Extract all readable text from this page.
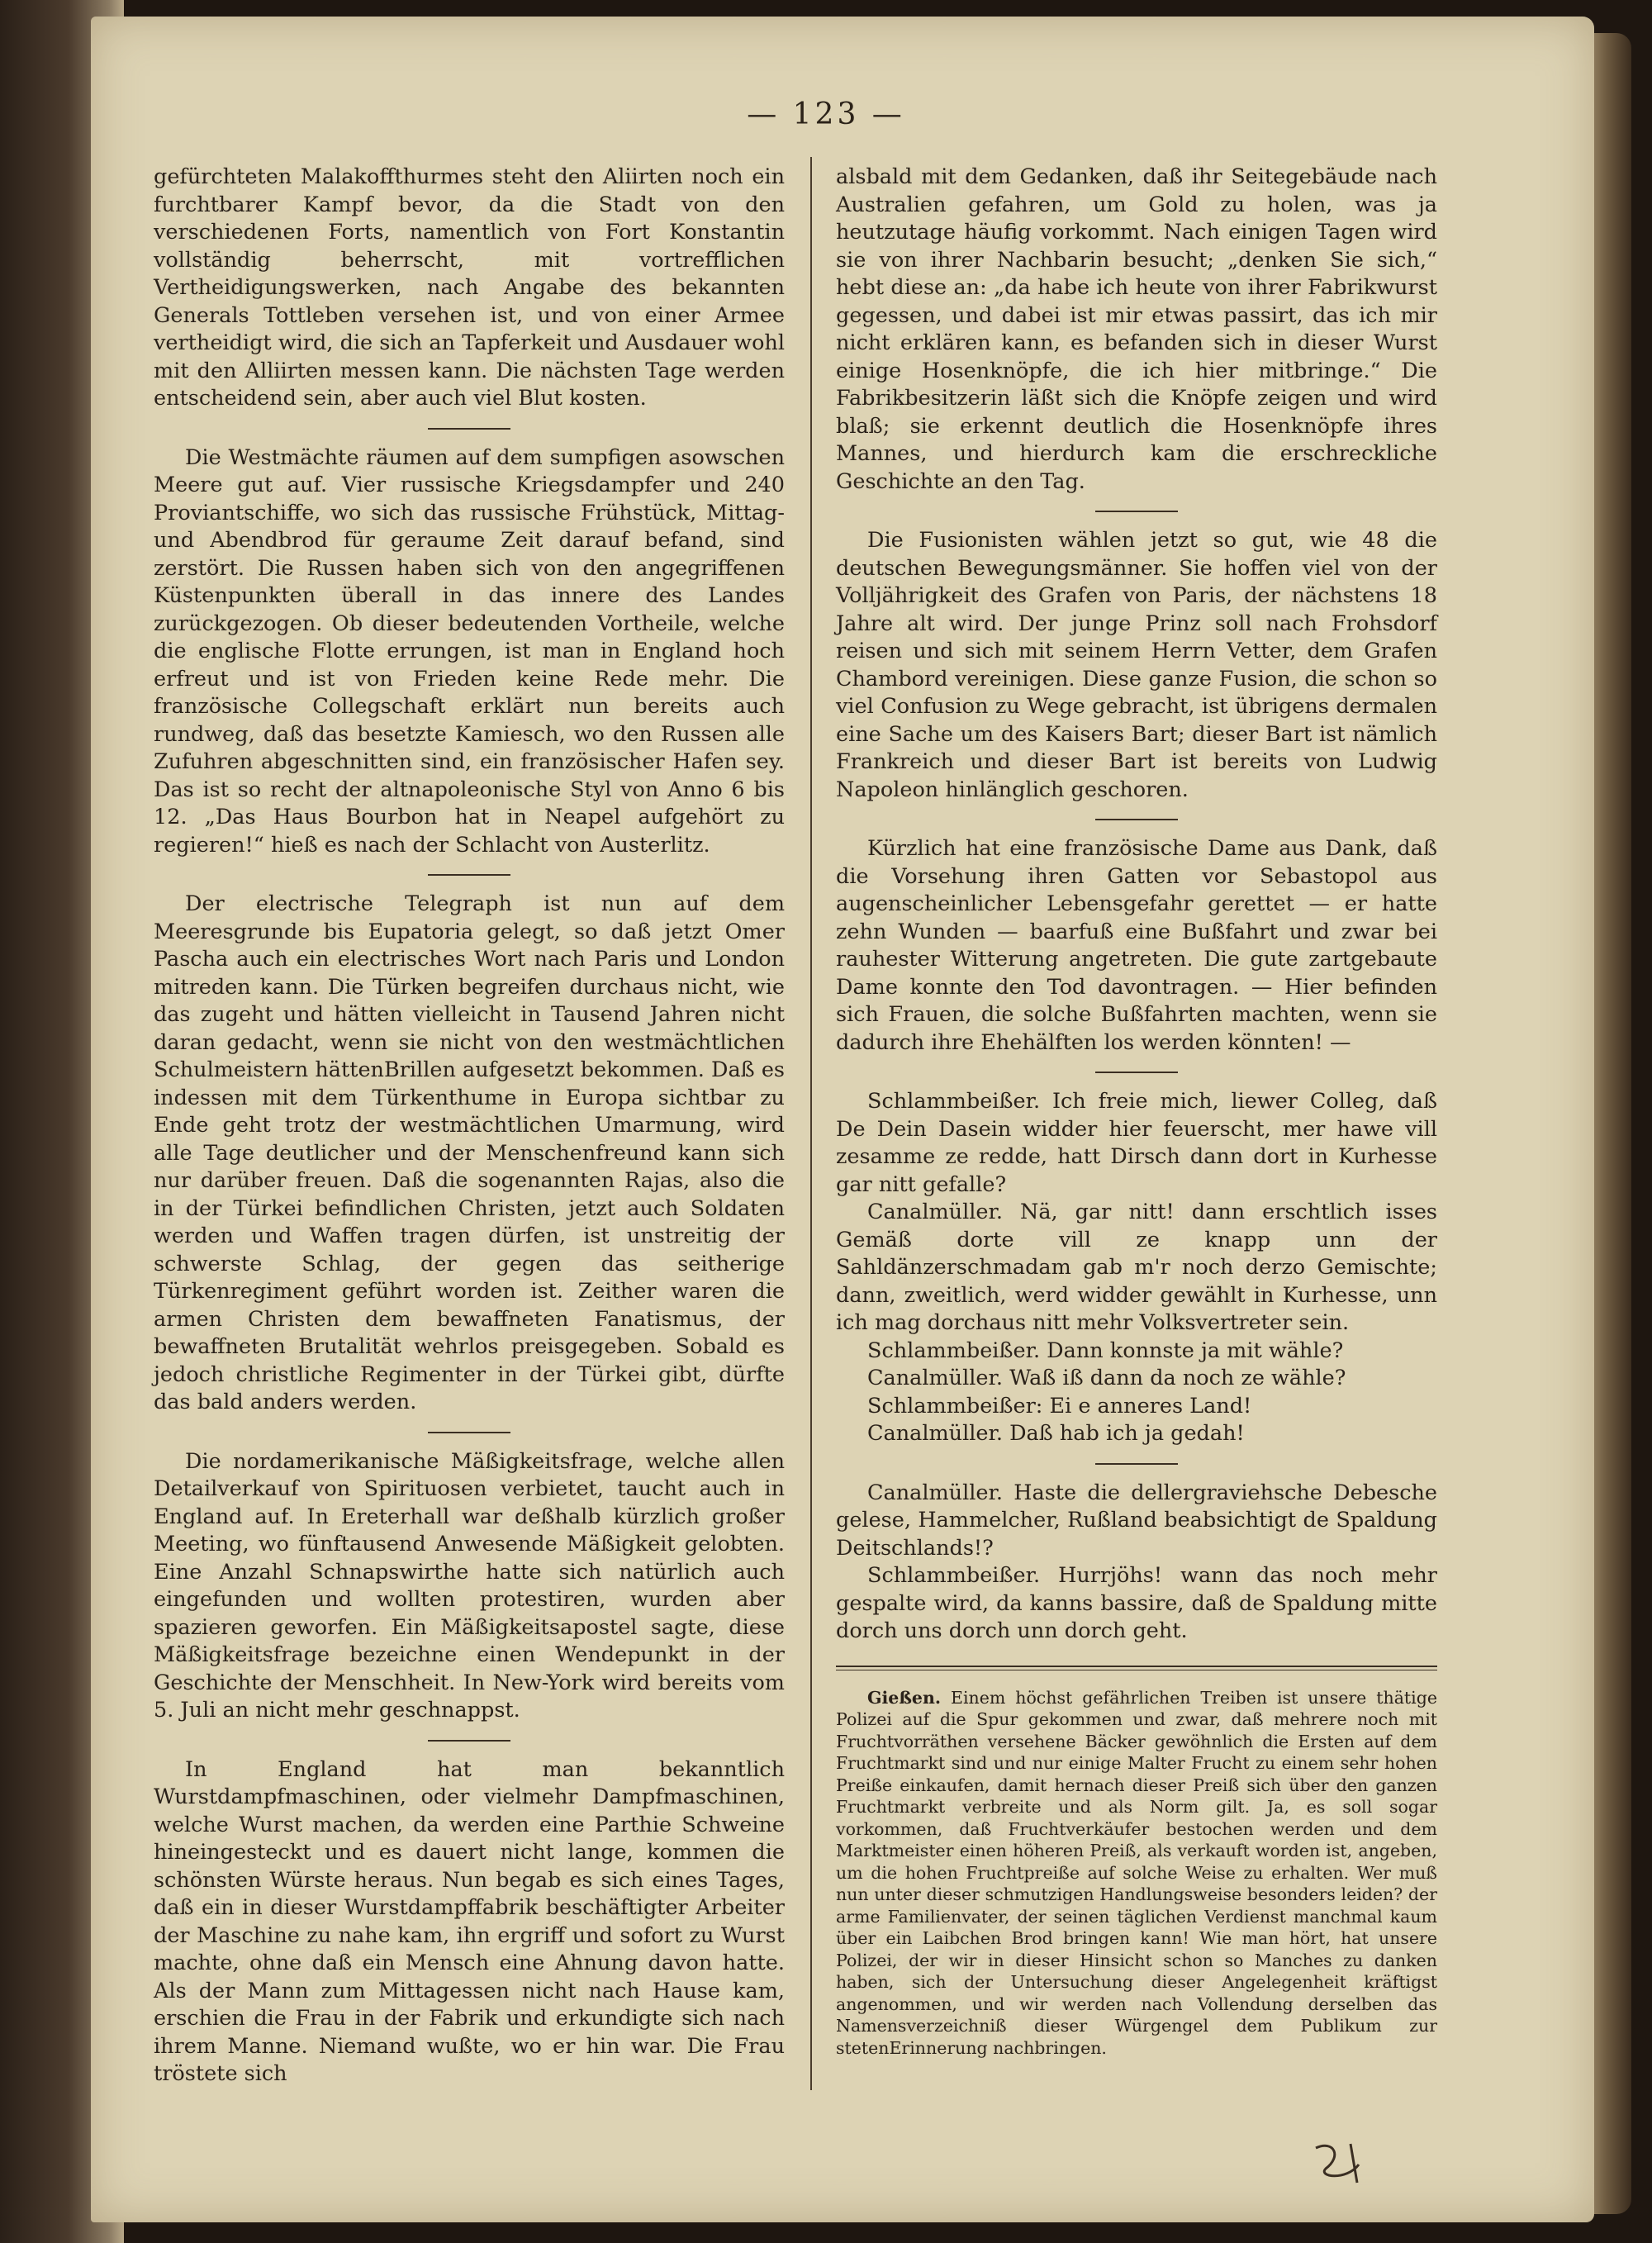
— 123 —

gefürchteten Malakoffthurmes steht den Aliirten noch ein furchtbarer Kampf bevor, da die Stadt von den verschiedenen Forts, namentlich von Fort Konstantin vollständig beherrscht, mit vortrefflichen Vertheidigungswerken, nach Angabe des bekannten Generals Tottleben versehen ist, und von einer Armee vertheidigt wird, die sich an Tapferkeit und Ausdauer wohl mit den Alliirten messen kann. Die nächsten Tage werden entscheidend sein, aber auch viel Blut kosten.

Die Westmächte räumen auf dem sumpfigen asowschen Meere gut auf. Vier russische Kriegsdampfer und 240 Proviantschiffe, wo sich das russische Frühstück, Mittag- und Abendbrod für geraume Zeit darauf befand, sind zerstört. Die Russen haben sich von den angegriffenen Küstenpunkten überall in das innere des Landes zurückgezogen. Ob dieser bedeutenden Vortheile, welche die englische Flotte errungen, ist man in England hoch erfreut und ist von Frieden keine Rede mehr. Die französische Collegschaft erklärt nun bereits auch rundweg, daß das besetzte Kamiesch, wo den Russen alle Zufuhren abgeschnitten sind, ein französischer Hafen sey. Das ist so recht der altnapoleonische Styl von Anno 6 bis 12. „Das Haus Bourbon hat in Neapel aufgehört zu regieren!“ hieß es nach der Schlacht von Austerlitz.

Der electrische Telegraph ist nun auf dem Meeresgrunde bis Eupatoria gelegt, so daß jetzt Omer Pascha auch ein electrisches Wort nach Paris und London mitreden kann. Die Türken begreifen durchaus nicht, wie das zugeht und hätten vielleicht in Tausend Jahren nicht daran gedacht, wenn sie nicht von den westmächtlichen Schulmeistern hättenBrillen aufgesetzt bekommen. Daß es indessen mit dem Türkenthume in Europa sichtbar zu Ende geht trotz der westmächtlichen Umarmung, wird alle Tage deutlicher und der Menschenfreund kann sich nur darüber freuen. Daß die sogenannten Rajas, also die in der Türkei befindlichen Christen, jetzt auch Soldaten werden und Waffen tragen dürfen, ist unstreitig der schwerste Schlag, der gegen das seitherige Türkenregiment geführt worden ist. Zeither waren die armen Christen dem bewaffneten Fanatismus, der bewaffneten Brutalität wehrlos preisgegeben. Sobald es jedoch christliche Regimenter in der Türkei gibt, dürfte das bald anders werden.

Die nordamerikanische Mäßigkeitsfrage, welche allen Detailverkauf von Spirituosen verbietet, taucht auch in England auf. In Ereterhall war deßhalb kürzlich großer Meeting, wo fünftausend Anwesende Mäßigkeit gelobten. Eine Anzahl Schnapswirthe hatte sich natürlich auch eingefunden und wollten protestiren, wurden aber spazieren geworfen. Ein Mäßigkeitsapostel sagte, diese Mäßigkeitsfrage bezeichne einen Wendepunkt in der Geschichte der Menschheit. In New-York wird bereits vom 5. Juli an nicht mehr geschnappst.

In England hat man bekanntlich Wurstdampfmaschinen, oder vielmehr Dampfmaschinen, welche Wurst machen, da werden eine Parthie Schweine hineingesteckt und es dauert nicht lange, kommen die schönsten Würste heraus. Nun begab es sich eines Tages, daß ein in dieser Wurstdampffabrik beschäftigter Arbeiter der Maschine zu nahe kam, ihn ergriff und sofort zu Wurst machte, ohne daß ein Mensch eine Ahnung davon hatte. Als der Mann zum Mittagessen nicht nach Hause kam, erschien die Frau in der Fabrik und erkundigte sich nach ihrem Manne. Niemand wußte, wo er hin war. Die Frau tröstete sich

alsbald mit dem Gedanken, daß ihr Seitegebäude nach Australien gefahren, um Gold zu holen, was ja heutzutage häufig vorkommt. Nach einigen Tagen wird sie von ihrer Nachbarin besucht; „denken Sie sich,“ hebt diese an: „da habe ich heute von ihrer Fabrikwurst gegessen, und dabei ist mir etwas passirt, das ich mir nicht erklären kann, es befanden sich in dieser Wurst einige Hosenknöpfe, die ich hier mitbringe.“ Die Fabrikbesitzerin läßt sich die Knöpfe zeigen und wird blaß; sie erkennt deutlich die Hosenknöpfe ihres Mannes, und hierdurch kam die erschreckliche Geschichte an den Tag.

Die Fusionisten wählen jetzt so gut, wie 48 die deutschen Bewegungsmänner. Sie hoffen viel von der Volljährigkeit des Grafen von Paris, der nächstens 18 Jahre alt wird. Der junge Prinz soll nach Frohsdorf reisen und sich mit seinem Herrn Vetter, dem Grafen Chambord vereinigen. Diese ganze Fusion, die schon so viel Confusion zu Wege gebracht, ist übrigens dermalen eine Sache um des Kaisers Bart; dieser Bart ist nämlich Frankreich und dieser Bart ist bereits von Ludwig Napoleon hinlänglich geschoren.

Kürzlich hat eine französische Dame aus Dank, daß die Vorsehung ihren Gatten vor Sebastopol aus augenscheinlicher Lebensgefahr gerettet — er hatte zehn Wunden — baarfuß eine Bußfahrt und zwar bei rauhester Witterung angetreten. Die gute zartgebaute Dame konnte den Tod davontragen. — Hier befinden sich Frauen, die solche Bußfahrten machten, wenn sie dadurch ihre Ehehälften los werden könnten! —

Schlammbeißer. Ich freie mich, liewer Colleg, daß De Dein Dasein widder hier feuerscht, mer hawe vill zesamme ze redde, hatt Dirsch dann dort in Kurhesse gar nitt gefalle?

Canalmüller. Nä, gar nitt! dann erschtlich isses Gemäß dorte vill ze knapp unn der Sahldänzerschmadam gab m'r noch derzo Gemischte; dann, zweitlich, werd widder gewählt in Kurhesse, unn ich mag dorchaus nitt mehr Volksvertreter sein.

Schlammbeißer. Dann konnste ja mit wähle?

Canalmüller. Waß iß dann da noch ze wähle?

Schlammbeißer: Ei e anneres Land!

Canalmüller. Daß hab ich ja gedah!

Canalmüller. Haste die dellergraviehsche Debesche gelese, Hammelcher, Rußland beabsichtigt de Spaldung Deitschlands!?

Schlammbeißer. Hurrjöhs! wann das noch mehr gespalte wird, da kanns bassire, daß de Spaldung mitte dorch uns dorch unn dorch geht.

Gießen. Einem höchst gefährlichen Treiben ist unsere thätige Polizei auf die Spur gekommen und zwar, daß mehrere noch mit Fruchtvorräthen versehene Bäcker gewöhnlich die Ersten auf dem Fruchtmarkt sind und nur einige Malter Frucht zu einem sehr hohen Preiße einkaufen, damit hernach dieser Preiß sich über den ganzen Fruchtmarkt verbreite und als Norm gilt. Ja, es soll sogar vorkommen, daß Fruchtverkäufer bestochen werden und dem Marktmeister einen höheren Preiß, als verkauft worden ist, angeben, um die hohen Fruchtpreiße auf solche Weise zu erhalten. Wer muß nun unter dieser schmutzigen Handlungsweise besonders leiden? der arme Familienvater, der seinen täglichen Verdienst manchmal kaum über ein Laibchen Brod bringen kann! Wie man hört, hat unsere Polizei, der wir in dieser Hinsicht schon so Manches zu danken haben, sich der Untersuchung dieser Angelegenheit kräftigst angenommen, und wir werden nach Vollendung derselben das Namensverzeichniß dieser Würgengel dem Publikum zur stetenErinnerung nachbringen.
